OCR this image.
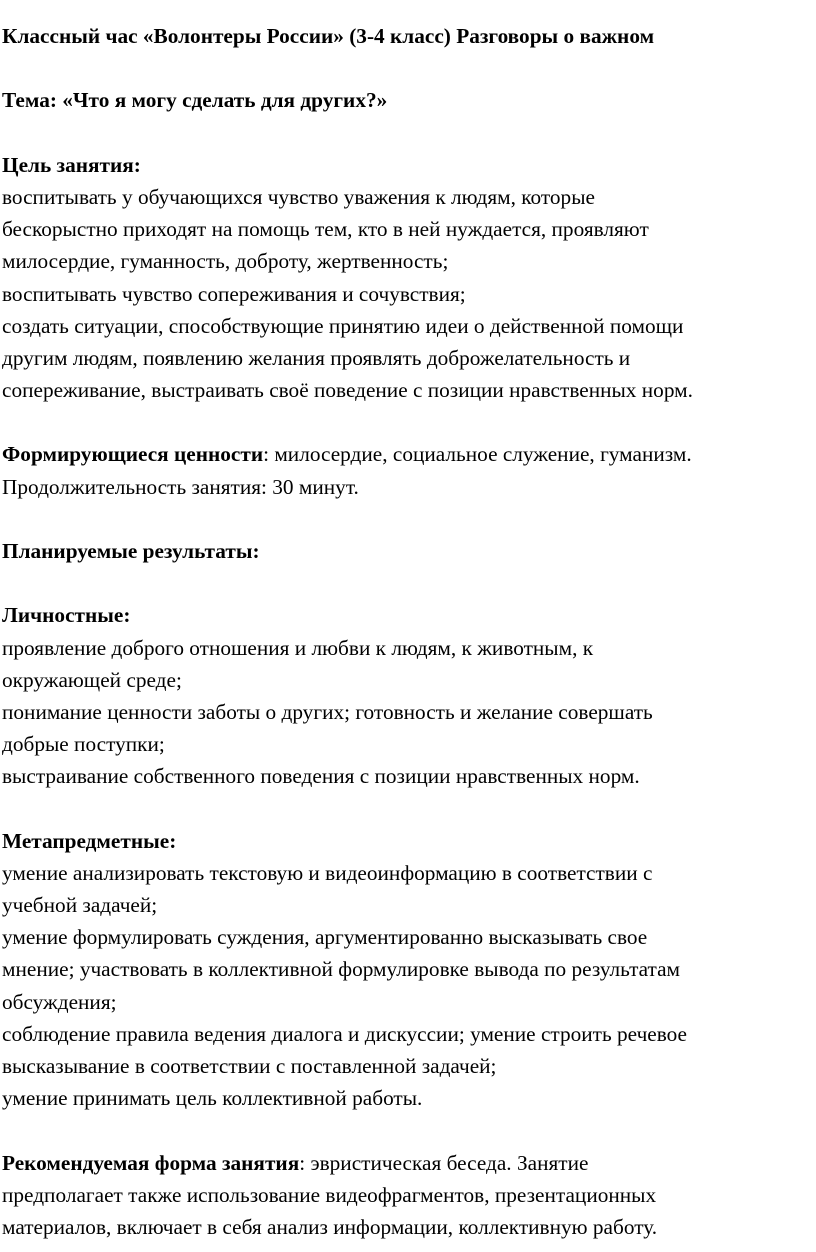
Классный час «Волонтеры России» (3-4 класс) Разговоры о важном
Тема: «Что я могу сделать для других?»
Цель занятия:
воспитывать у обучающихся чувство уважения к людям, которые
бескорыстно приходят на помощь тем, кто в ней нуждается, проявляют
милосердие, гуманность, доброту, жертвенность;
воспитывать чувство сопереживания и сочувствия;
создать ситуации, способствующие принятию идеи о действенной помощи
другим людям, появлению желания проявлять доброжелательность и
сопереживание, выстраивать своё поведение с позиции нравственных норм.
Формирующиеся ценности: милосердие, социальное служение, гуманизм.
Продолжительность занятия: 30 минут.
Планируемые результаты:
Личностные:
проявление доброго отношения и любви к людям, к животным, к
окружающей среде;
понимание ценности заботы о других; готовность и желание совершать
добрые поступки;
выстраивание собственного поведения с позиции нравственных норм.
Метапредметные:
умение анализировать текстовую и видеоинформацию в соответствии с
учебной задачей;
умение формулировать суждения, аргументированно высказывать свое
мнение; участвовать в коллективной формулировке вывода по результатам
обсуждения;
соблюдение правила ведения диалога и дискуссии; умение строить речевое
высказывание в соответствии с поставленной задачей;
умение принимать цель коллективной работы.
Рекомендуемая форма занятия: эвристическая беседа. Занятие
предполагает также использование видеофрагментов, презентационных
материалов, включает в себя анализ информации, коллективную работу.
